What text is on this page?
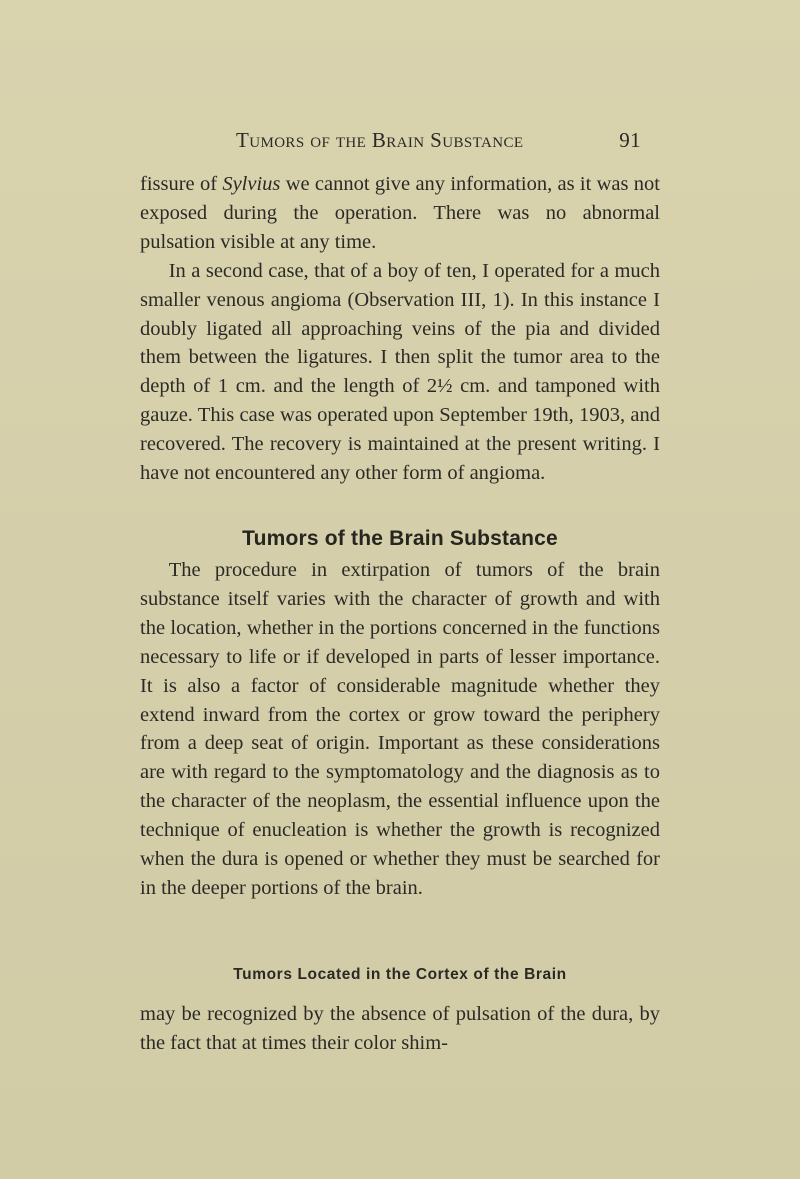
Tumors of the Brain Substance	91

fissure of Sylvius we cannot give any information, as it was not exposed during the operation. There was no abnormal pulsation visible at any time.

In a second case, that of a boy of ten, I operated for a much smaller venous angioma (Observation III, 1). In this instance I doubly ligated all approaching veins of the pia and divided them between the ligatures. I then split the tumor area to the depth of 1 cm. and the length of 2½ cm. and tamponed with gauze. This case was operated upon September 19th, 1903, and recovered. The recovery is maintained at the present writing. I have not encountered any other form of angioma.

Tumors of the Brain Substance

The procedure in extirpation of tumors of the brain substance itself varies with the character of growth and with the location, whether in the portions concerned in the functions necessary to life or if developed in parts of lesser importance. It is also a factor of considerable magnitude whether they extend inward from the cortex or grow toward the periphery from a deep seat of origin. Important as these considerations are with regard to the symptomatology and the diagnosis as to the character of the neoplasm, the essential influence upon the technique of enucleation is whether the growth is recognized when the dura is opened or whether they must be searched for in the deeper portions of the brain.

Tumors Located in the Cortex of the Brain

may be recognized by the absence of pulsation of the dura, by the fact that at times their color shim-
